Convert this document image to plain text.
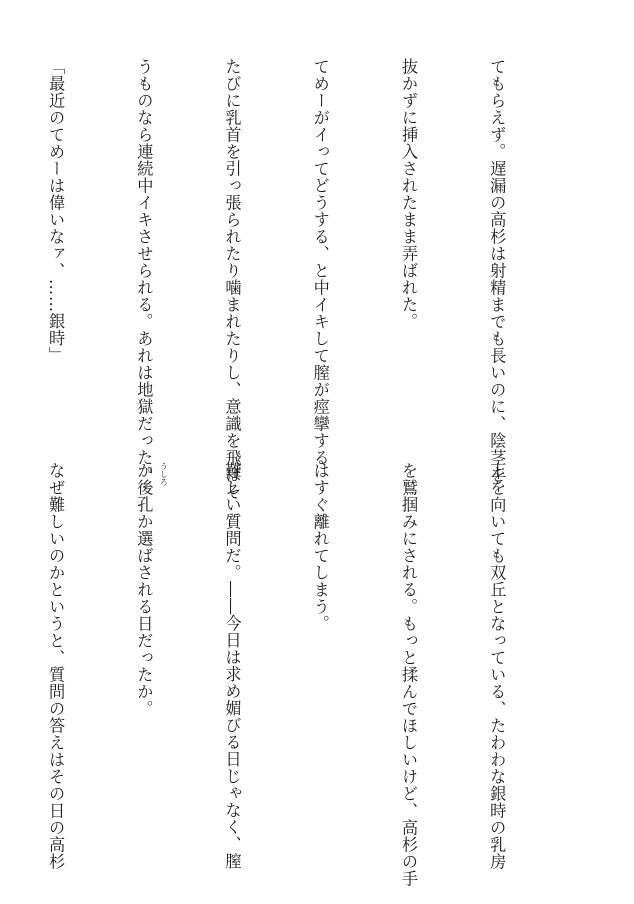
てもらえず。遅漏の高杉は射精までも長いのに、陰茎を

抜かずに挿入されたまま弄ばれた。

てめーがイってどうする、と中イキして膣が痙攣する

たびに乳首を引っ張られたり噛まれたりし、意識を飛ばそ

うものなら連続中イキさせられる。あれは地獄だった。

「最近のてめーは偉いなァ、……銀時」

上を向いても双丘となっている、たわわな銀時の乳房

を鷲掴みにされる。もっと揉んでほしいけど、高杉の手

はすぐ離れてしまう。

難しい質問だ。――今日は求め媚びる日じゃなく、膣

か後孔か選ばされる日だったか。 うしろ

なぜ難しいのかというと、質問の答えはその日の高杉
